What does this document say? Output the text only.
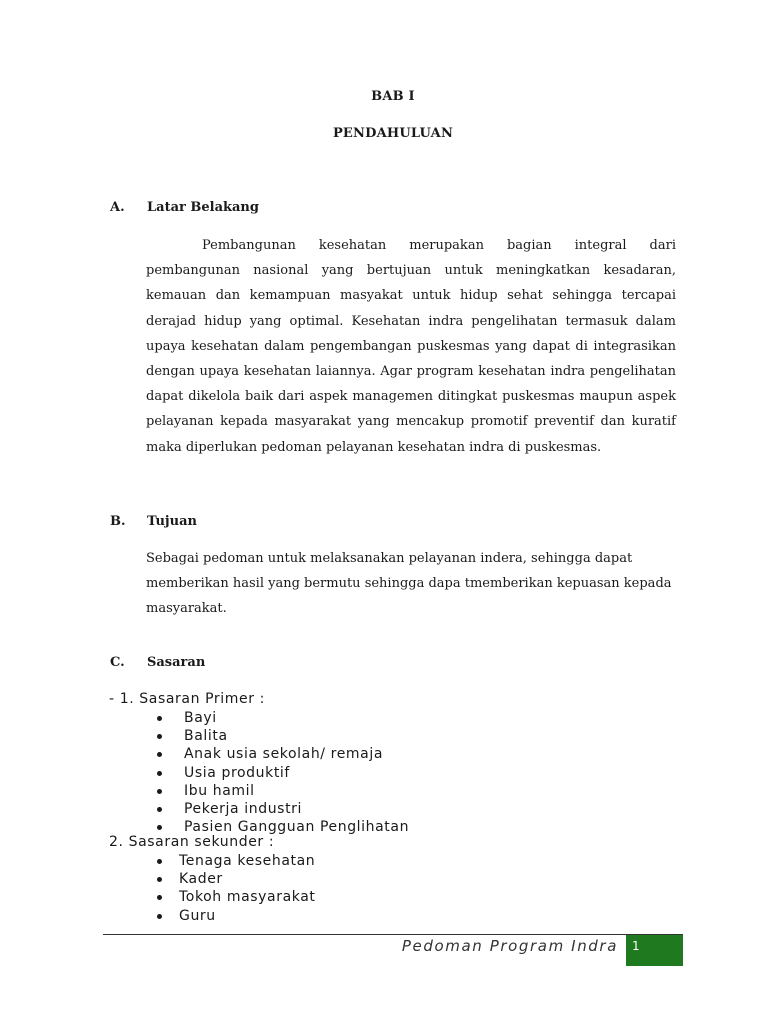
BAB I
PENDAHULUAN
A. Latar Belakang
Pembangunan kesehatan merupakan bagian integral dari pembangunan nasional yang bertujuan untuk meningkatkan kesadaran, kemauan dan kemampuan masyakat untuk hidup sehat sehingga tercapai derajad hidup yang optimal. Kesehatan indra pengelihatan termasuk dalam upaya kesehatan dalam pengembangan puskesmas yang dapat di integrasikan dengan upaya kesehatan laiannya. Agar program kesehatan indra pengelihatan dapat dikelola baik dari aspek managemen ditingkat puskesmas maupun aspek pelayanan kepada masyarakat yang mencakup promotif preventif dan kuratif maka diperlukan pedoman pelayanan kesehatan indra di puskesmas.
B. Tujuan
Sebagai pedoman untuk melaksanakan pelayanan indera, sehingga dapat memberikan hasil yang bermutu sehingga dapa tmemberikan kepuasan kepada masyarakat.
C. Sasaran
- 1. Sasaran Primer :
Bayi
Balita
Anak usia sekolah/ remaja
Usia produktif
Ibu hamil
Pekerja industri
Pasien Gangguan Penglihatan
2. Sasaran sekunder :
Tenaga kesehatan
Kader
Tokoh masyarakat
Guru
Pedoman Program Indra	1
